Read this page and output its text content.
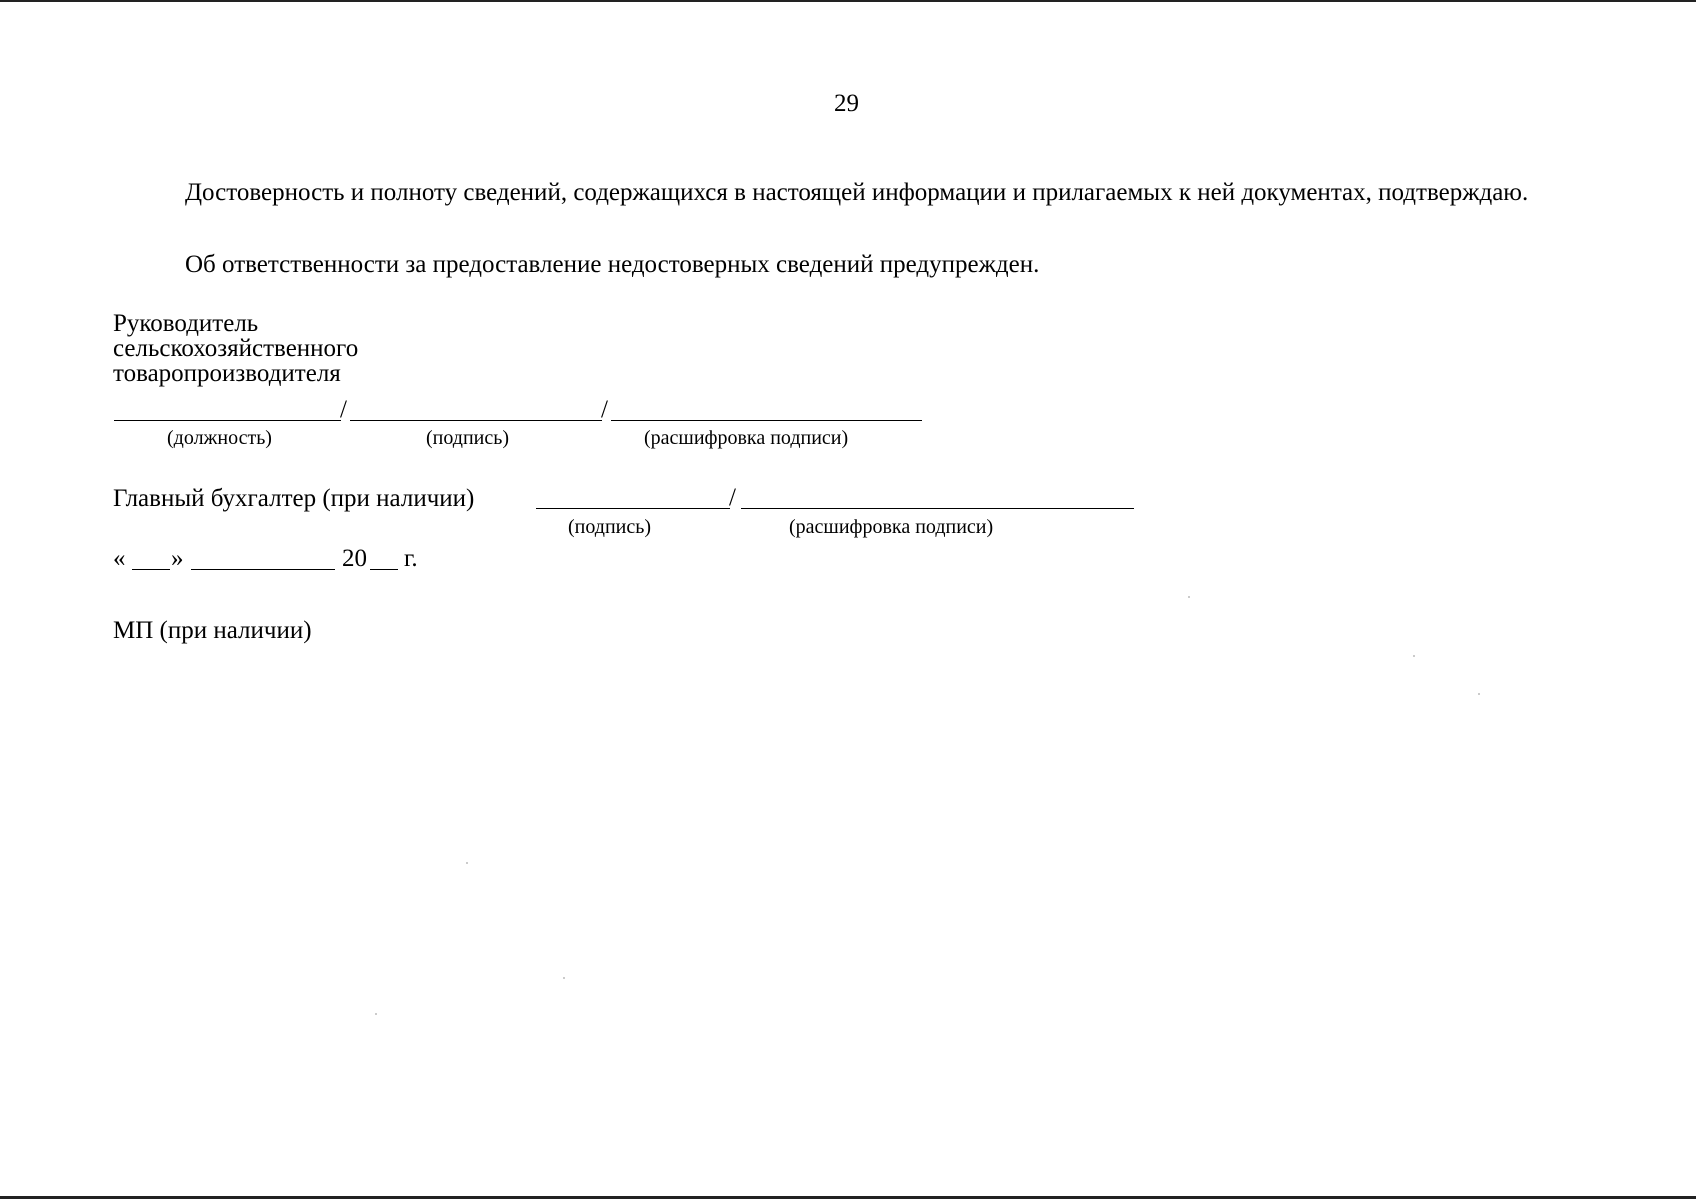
29
Достоверность и полноту сведений, содержащихся в настоящей информации и прилагаемых к ней документах, подтверждаю.
Об ответственности за предоставление недостоверных сведений предупрежден.
Руководитель
сельскохозяйственного
товаропроизводителя
/	/
(должность)	(подпись)	(расшифровка подписи)
Главный бухгалтер (при наличии)	/
(подпись)	(расшифровка подписи)
« »	20 г.
МП (при наличии)
